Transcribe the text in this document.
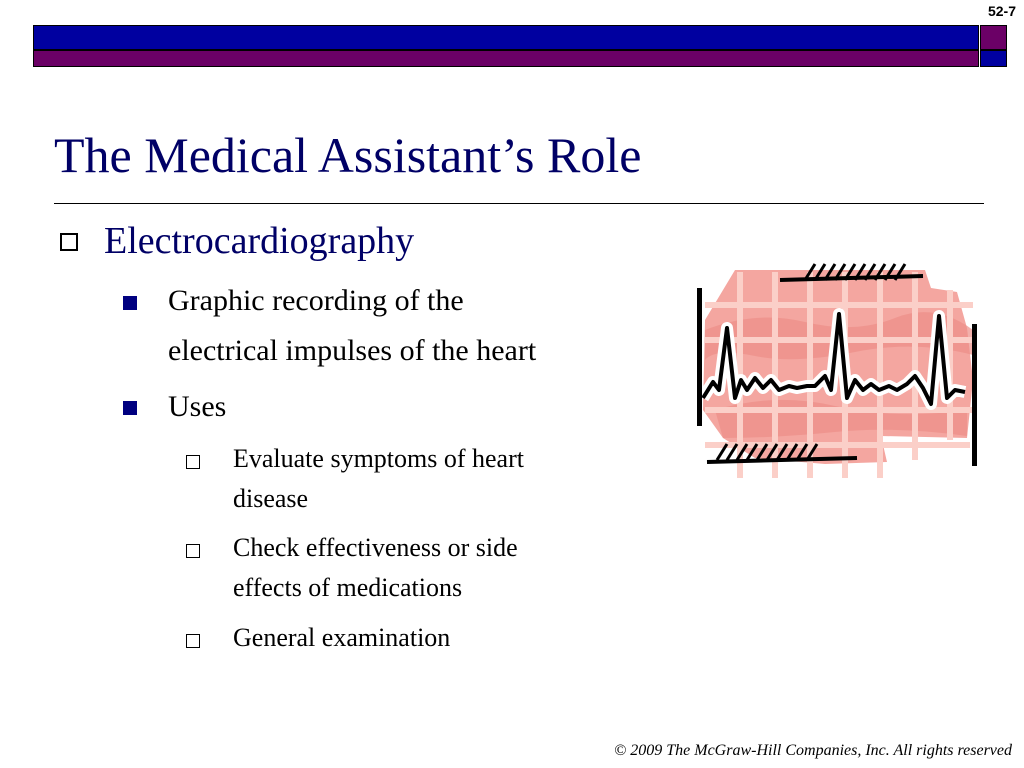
52-7
The Medical Assistant’s Role
Electrocardiography
Graphic recording of the
electrical impulses of the heart
Uses
Evaluate symptoms of heart
disease
Check effectiveness or side
effects of medications
General examination
© 2009 The McGraw-Hill Companies, Inc. All rights reserved
